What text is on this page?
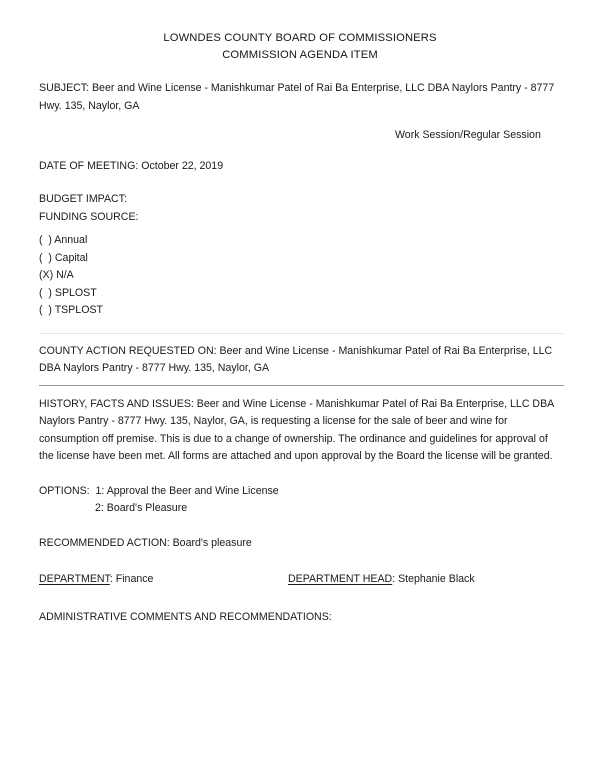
LOWNDES COUNTY BOARD OF COMMISSIONERS
COMMISSION AGENDA ITEM

SUBJECT: Beer and Wine License - Manishkumar Patel of Rai Ba Enterprise, LLC DBA Naylors Pantry - 8777 Hwy. 135, Naylor, GA

Work Session/Regular Session

DATE OF MEETING: October 22, 2019

BUDGET IMPACT:
FUNDING SOURCE:
(  ) Annual
(  ) Capital
(X) N/A
(  ) SPLOST
(  ) TSPLOST

COUNTY ACTION REQUESTED ON: Beer and Wine License - Manishkumar Patel of Rai Ba Enterprise, LLC DBA Naylors Pantry - 8777 Hwy. 135, Naylor, GA

HISTORY, FACTS AND ISSUES: Beer and Wine License - Manishkumar Patel of Rai Ba Enterprise, LLC DBA Naylors Pantry - 8777 Hwy. 135, Naylor, GA, is requesting a license for the sale of beer and wine for consumption off premise. This is due to a change of ownership. The ordinance and guidelines for approval of the license have been met. All forms are attached and upon approval by the Board the license will be granted.

OPTIONS: 1: Approval the Beer and Wine License

2: Board's Pleasure

RECOMMENDED ACTION: Board's pleasure

DEPARTMENT: Finance	DEPARTMENT HEAD: Stephanie Black

ADMINISTRATIVE COMMENTS AND RECOMMENDATIONS:
